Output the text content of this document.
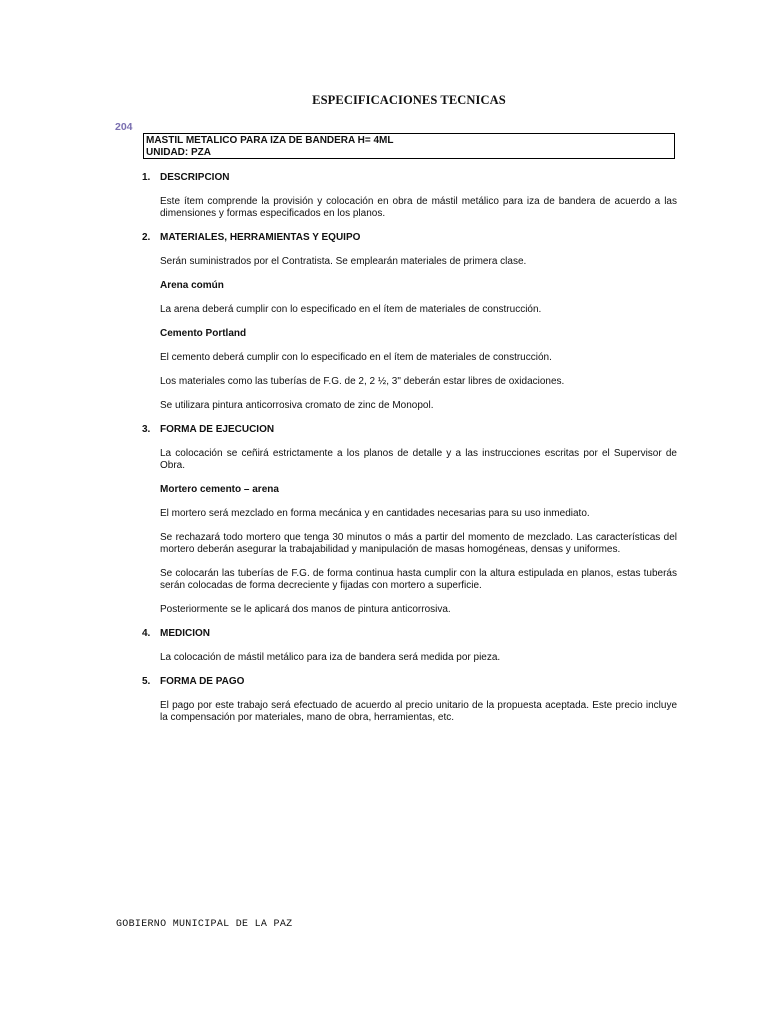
ESPECIFICACIONES TECNICAS
204
MASTIL METALICO PARA IZA DE BANDERA H= 4ML
UNIDAD: PZA
1. DESCRIPCION
Este ítem comprende la provisión y colocación en obra de mástil metálico para iza de bandera de acuerdo a las dimensiones y formas especificados en los planos.
2. MATERIALES, HERRAMIENTAS Y EQUIPO
Serán suministrados por el Contratista. Se emplearán materiales de primera clase.
Arena común
La arena deberá cumplir con lo especificado en el ítem de materiales de construcción.
Cemento Portland
El cemento deberá cumplir con lo especificado en el ítem de materiales de construcción.
Los materiales como las tuberías de F.G. de 2, 2 ½, 3" deberán estar libres de oxidaciones.
Se utilizara pintura anticorrosiva cromato de zinc de Monopol.
3. FORMA DE EJECUCION
La colocación se ceñirá estrictamente a los planos de detalle y a las instrucciones escritas por el Supervisor de Obra.
Mortero cemento – arena
El mortero será mezclado en forma mecánica y en cantidades necesarias para su uso inmediato.
Se rechazará todo mortero que tenga 30 minutos o más a partir del momento de mezclado. Las características del mortero deberán asegurar la trabajabilidad y manipulación de masas homogéneas, densas y uniformes.
Se colocarán las tuberías de F.G. de forma continua hasta cumplir con la altura estipulada en planos, estas tuberás serán colocadas de forma decreciente y fijadas con mortero a superficie.
Posteriormente se le aplicará dos manos de pintura anticorrosiva.
4. MEDICION
La colocación de mástil metálico para iza de bandera será medida por pieza.
5. FORMA DE PAGO
El pago por este trabajo será efectuado de acuerdo al precio unitario de la propuesta aceptada. Este precio incluye la compensación por materiales, mano de obra, herramientas, etc.
GOBIERNO MUNICIPAL DE LA PAZ
